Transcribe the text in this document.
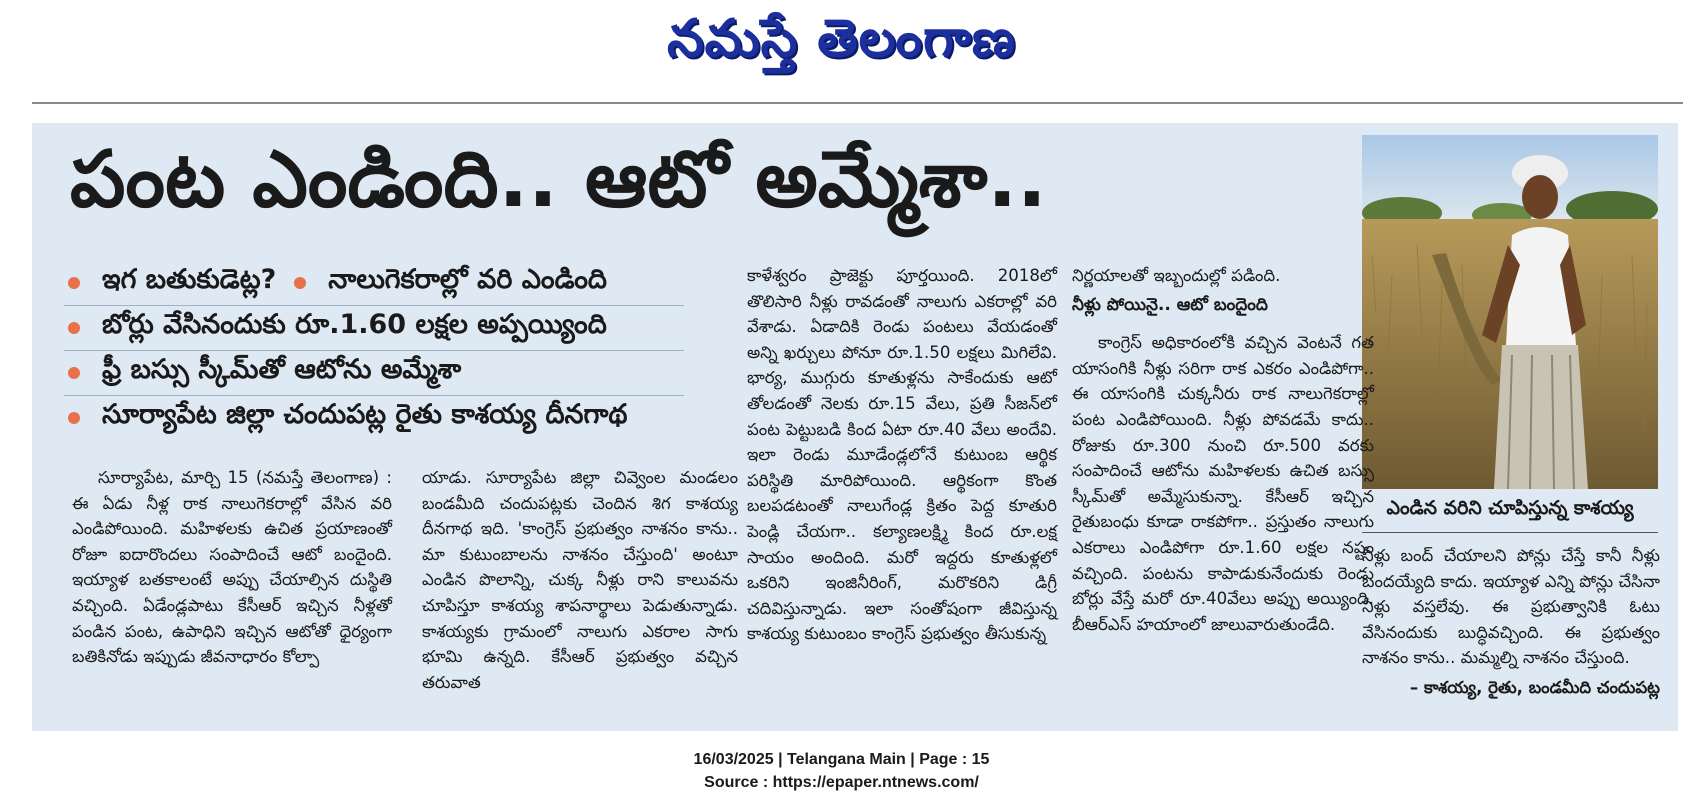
నమస్తే తెలంగాణ
పంట ఎండింది.. ఆటో అమ్మేశా..
ఎండిన వరిని చూపిస్తున్న కాశయ్య
ఇగ బతుకుడెట్ల? నాలుగెకరాల్లో వరి ఎండింది
బోర్లు వేసినందుకు రూ.1.60 లక్షల అప్పయ్యింది
ఫ్రీ బస్సు స్కీమ్‌తో ఆటోను అమ్మేశా
సూర్యాపేట జిల్లా చందుపట్ల రైతు కాశయ్య దీనగాథ

సూర్యాపేట, మార్చి 15 (నమస్తే తెలంగాణ) : ఈ ఏడు నీళ్ల రాక నాలుగెకరాల్లో వేసిన వరి ఎండిపోయింది. మహిళలకు ఉచిత ప్రయాణంతో రోజూ ఐదారొందలు సంపాదించే ఆటో బందైంది. ఇయ్యాళ బతకాలంటే అప్పు చేయాల్సిన దుస్థితి వచ్చింది. ఏడేండ్లపాటు కేసీఆర్ ఇచ్చిన నీళ్లతో పండిన పంట, ఉపాధిని ఇచ్చిన ఆటోతో ధైర్యంగా బతికినోడు ఇప్పుడు జీవనాధారం కోల్పా

యాడు. సూర్యాపేట జిల్లా చివ్వెంల మండలం బండమీది చందుపట్లకు చెందిన శిగ కాశయ్య దీనగాథ ఇది. 'కాంగ్రెస్ ప్రభుత్వం నాశనం కాను.. మా కుటుంబాలను నాశనం చేస్తుంది' అంటూ ఎండిన పొలాన్ని, చుక్క నీళ్లు రాని కాలువను చూపిస్తూ కాశయ్య శాపనార్థాలు పెడుతున్నాడు. కాశయ్యకు గ్రామంలో నాలుగు ఎకరాల సాగు భూమి ఉన్నది. కేసీఆర్ ప్రభుత్వం వచ్చిన తరువాత

కాళేశ్వరం ప్రాజెక్టు పూర్తయింది. 2018లో తొలిసారి నీళ్లు రావడంతో నాలుగు ఎకరాల్లో వరి వేశాడు. ఏడాదికి రెండు పంటలు వేయడంతో అన్ని ఖర్చులు పోనూ రూ.1.50 లక్షలు మిగిలేవి. భార్య, ముగ్గురు కూతుళ్లను సాకేందుకు ఆటో తోలడంతో నెలకు రూ.15 వేలు, ప్రతి సీజన్‌లో పంట పెట్టుబడి కింద ఏటా రూ.40 వేలు అందేవి. ఇలా రెండు మూడేండ్లలోనే కుటుంబ ఆర్థిక పరిస్థితి మారిపోయింది. ఆర్థికంగా కొంత బలపడటంతో నాలుగేండ్ల క్రితం పెద్ద కూతురి పెండ్లి చేయగా.. కల్యాణలక్ష్మి కింద రూ.లక్ష సాయం అందింది. మరో ఇద్దరు కూతుళ్లలో ఒకరిని ఇంజినీరింగ్, మరొకరిని డిగ్రీ చదివిస్తున్నాడు. ఇలా సంతోషంగా జీవిస్తున్న కాశయ్య కుటుంబం కాంగ్రెస్ ప్రభుత్వం తీసుకున్న

నిర్ణయాలతో ఇబ్బందుల్లో పడింది.

నీళ్లు పోయినై.. ఆటో బందైంది

కాంగ్రెస్ అధికారంలోకి వచ్చిన వెంటనే గత యాసంగికి నీళ్లు సరిగా రాక ఎకరం ఎండిపోగా.. ఈ యాసంగికి చుక్కనీరు రాక నాలుగెకరాల్లో పంట ఎండిపోయింది. నీళ్లు పోవడమే కాదు.. రోజుకు రూ.300 నుంచి రూ.500 వరకు సంపాదించే ఆటోను మహిళలకు ఉచిత బస్సు స్కీమ్‌తో అమ్మేసుకున్నా. కేసీఆర్ ఇచ్చిన రైతుబంధు కూడా రాకపోగా.. ప్రస్తుతం నాలుగు ఎకరాలు ఎండిపోగా రూ.1.60 లక్షల నష్టం వచ్చింది. పంటను కాపాడుకునేందుకు రెండు బోర్లు వేస్తే మరో రూ.40వేలు అప్పు అయ్యింది. బీఆర్ఎస్ హయాంలో జాలువారుతుండేది.

నీళ్లు బంద్ చేయాలని పోన్లు చేస్తే కానీ నీళ్లు బందయ్యేది కాదు. ఇయ్యాళ ఎన్ని పోన్లు చేసినా నీళ్లు వస్తలేవు. ఈ ప్రభుత్వానికి ఓటు వేసినందుకు బుద్ధివచ్చింది. ఈ ప్రభుత్వం నాశనం కాను.. మమ్మల్ని నాశనం చేస్తుంది.

– కాశయ్య, రైతు, బండమీది చందుపట్ల
16/03/2025 | Telangana Main | Page : 15
Source : https://epaper.ntnews.com/
